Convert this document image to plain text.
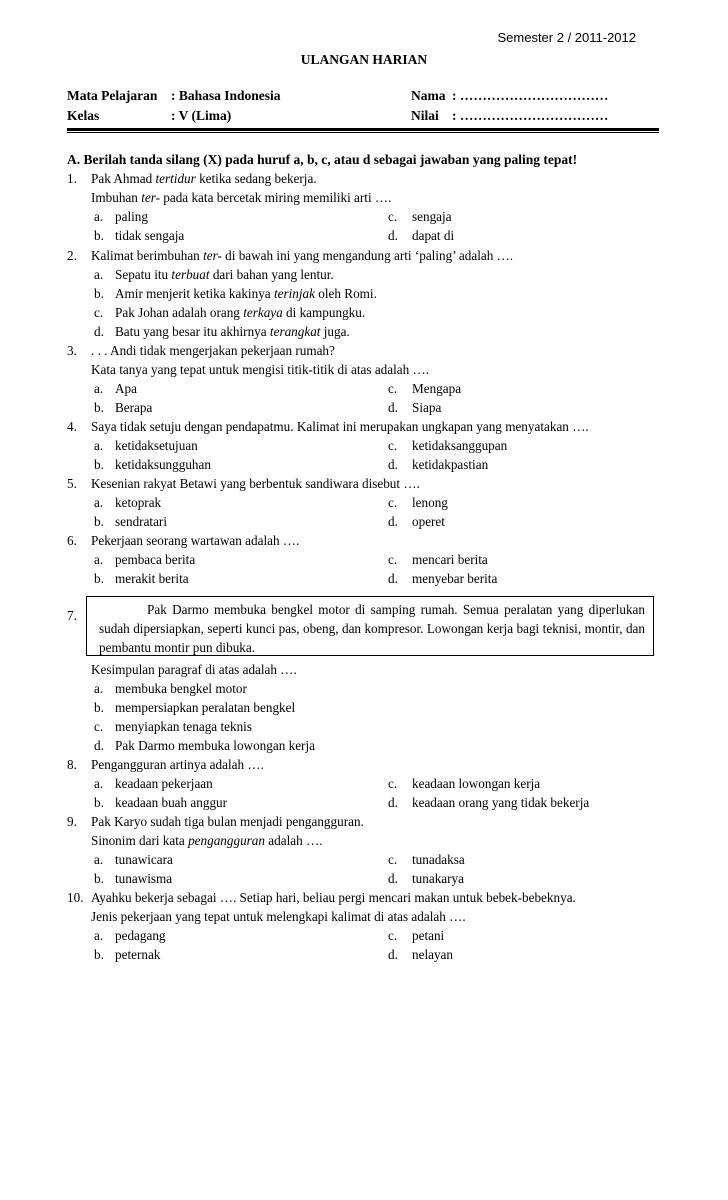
Semester 2 / 2011-2012
ULANGAN HARIAN
Mata Pelajaran : Bahasa Indonesia	Nama : ……………………………
Kelas	: V (Lima)	Nilai : ……………………………
A. Berilah tanda silang (X) pada huruf a, b, c, atau d sebagai jawaban yang paling tepat!
1. Pak Ahmad tertidur ketika sedang bekerja.
Imbuhan ter- pada kata bercetak miring memiliki arti ….
a. paling	c. sengaja
b. tidak sengaja	d. dapat di
2. Kalimat berimbuhan ter- di bawah ini yang mengandung arti ‘paling’ adalah ….
a. Sepatu itu terbuat dari bahan yang lentur.
b. Amir menjerit ketika kakinya terinjak oleh Romi.
c. Pak Johan adalah orang terkaya di kampungku.
d. Batu yang besar itu akhirnya terangkat juga.
3. . . . Andi tidak mengerjakan pekerjaan rumah?
Kata tanya yang tepat untuk mengisi titik-titik di atas adalah ….
a. Apa	c. Mengapa
b. Berapa	d. Siapa
4. Saya tidak setuju dengan pendapatmu. Kalimat ini merupakan ungkapan yang menyatakan ….
a. ketidaksetujuan	c. ketidaksanggupan
b. ketidaksungguhan	d. ketidakpastian
5. Kesenian rakyat Betawi yang berbentuk sandiwara disebut ….
a. ketoprak	c. lenong
b. sendratari	d. operet
6. Pekerjaan seorang wartawan adalah ….
a. pembaca berita	c. mencari berita
b. merakit berita	d. menyebar berita
7.	Pak Darmo membuka bengkel motor di samping rumah. Semua peralatan yang diperlukan sudah dipersiapkan, seperti kunci pas, obeng, dan kompresor. Lowongan kerja bagi teknisi, montir, dan pembantu montir pun dibuka.

Kesimpulan paragraf di atas adalah ….
a. membuka bengkel motor
b. mempersiapkan peralatan bengkel
c. menyiapkan tenaga teknis
d. Pak Darmo membuka lowongan kerja
8. Pengangguran artinya adalah ….
a. keadaan pekerjaan	c. keadaan lowongan kerja
b. keadaan buah anggur	d. keadaan orang yang tidak bekerja
9. Pak Karyo sudah tiga bulan menjadi pengangguran.
Sinonim dari kata pengangguran adalah ….
a. tunawicara	c. tunadaksa
b. tunawisma	d. tunakarya
10. Ayahku bekerja sebagai …. Setiap hari, beliau pergi mencari makan untuk bebek-bebeknya.
Jenis pekerjaan yang tepat untuk melengkapi kalimat di atas adalah ….
a. pedagang	c. petani
b. peternak	d. nelayan
